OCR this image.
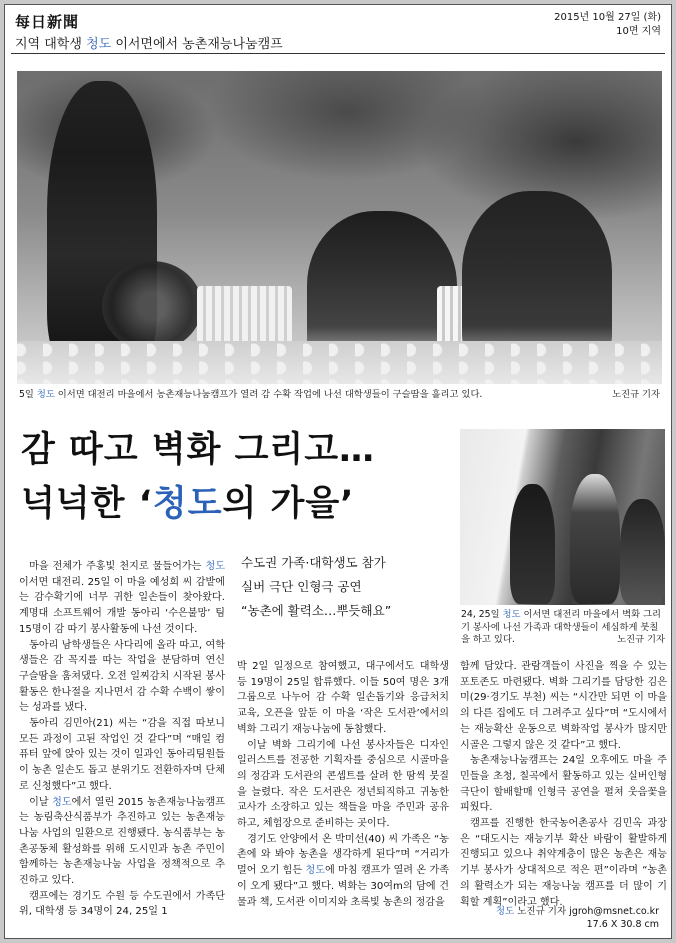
每日新聞
지역 대학생 청도 이서면에서 농촌재능나눔캠프
2015년 10월 27일 (화)
10면 지역
5일 청도 이서면 대전리 마을에서 농촌재능나눔캠프가 열려 감 수확 작업에 나선 대학생들이 구슬땀을 흘리고 있다.	노진규 기자
감 따고 벽화 그리고…
넉넉한 ‘청도의 가을’
24, 25일 청도 이서면 대전리 마을에서 벽화 그리기 봉사에 나선 가족과 대학생들이 세심하게 붓칠을 하고 있다.	노진규 기자
수도권 가족·대학생도 참가
실버 극단 인형극 공연
“농촌에 활력소…뿌듯해요”

마을 전체가 주홍빛 천지로 물들어가는 청도 이서면 대전리. 25일 이 마을 예성희 씨 감밭에는 감수확기에 너무 귀한 일손들이 찾아왔다. 계명대 소프트웨어 개발 동아리 ‘수은불망’ 팀 15명이 감 따기 봉사활동에 나선 것이다.

동아리 남학생들은 사다리에 올라 따고, 여학생들은 감 꼭지를 따는 작업을 분담하며 연신 구슬땀을 훔쳐댔다. 오전 일찌감치 시작된 봉사활동은 한나절을 지나면서 감 수확 수백이 쌓이는 성과를 냈다.

동아리 김민아(21) 씨는 “감을 직접 따보니 모든 과정이 고된 작업인 것 같다”며 “매일 컴퓨터 앞에 앉아 있는 것이 일과인 동아리팀원들이 농촌 일손도 돕고 분위기도 전환하자며 단체로 신청했다”고 했다.

이날 청도에서 열린 2015 농촌재능나눔캠프는 농림축산식품부가 추진하고 있는 농촌재능나눔 사업의 일환으로 진행됐다. 농식품부는 농촌공동체 활성화를 위해 도시민과 농촌 주민이 함께하는 농촌재능나눔 사업을 정책적으로 추진하고 있다.

캠프에는 경기도 수원 등 수도권에서 가족단위, 대학생 등 34명이 24, 25일 1

박 2일 일정으로 참여했고, 대구에서도 대학생 등 19명이 25일 합류했다. 이들 50여 명은 3개 그룹으로 나누어 감 수확 일손돕기와 응급처치 교육, 오픈을 앞둔 이 마을 ‘작은 도서관’에서의 벽화 그리기 재능나눔에 동참했다.

이날 벽화 그리기에 나선 봉사자들은 디자인 일러스트를 전공한 기획자를 중심으로 시골마을의 정감과 도서관의 콘셉트를 살려 한 땀씩 붓질을 늘렸다. 작은 도서관은 정년퇴직하고 귀농한 교사가 소장하고 있는 책들을 마을 주민과 공유하고, 체험장으로 준비하는 곳이다.

경기도 안양에서 온 박미선(40) 씨 가족은 “농촌에 와 봐야 농촌을 생각하게 된다”며 “거리가 멀어 오기 힘든 청도에 마침 캠프가 열려 온 가족이 오게 됐다”고 했다. 벽화는 30여m의 담에 건물과 책, 도서관 이미지와 초록빛 농촌의 정감을

함께 담았다. 관람객들이 사진을 찍을 수 있는 포토존도 마련됐다. 벽화 그리기를 담당한 김은미(29·경기도 부천) 씨는 “시간만 되면 이 마을의 다른 집에도 더 그려주고 싶다”며 “도시에서는 재능확산 운동으로 벽화작업 봉사가 많지만 시골은 그렇지 않은 것 같다”고 했다.

농촌재능나눔캠프는 24일 오후에도 마을 주민들을 초청, 칠곡에서 활동하고 있는 실버인형극단이 할배할매 인형극 공연을 펼쳐 웃음꽃을 피웠다.

캠프를 진행한 한국농어촌공사 김민옥 과장은 “대도시는 재능기부 확산 바람이 활발하게 진행되고 있으나 취약계층이 많은 농촌은 재능기부 봉사가 상대적으로 적은 편”이라며 “농촌의 활력소가 되는 재능나눔 캠프를 더 많이 기획할 계획”이라고 했다.

청도 노진규 기자 jgroh@msnet.co.kr
17.6 X 30.8 cm
